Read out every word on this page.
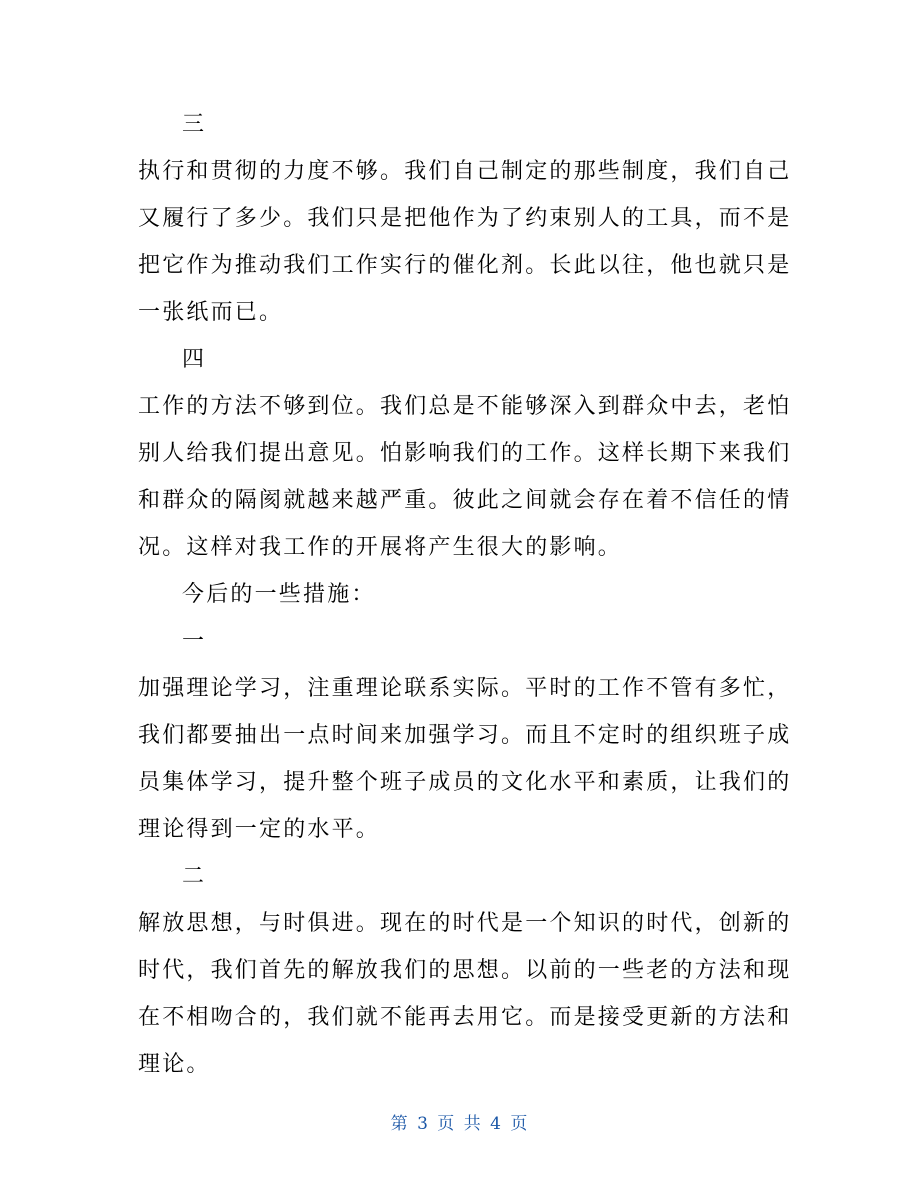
三
执行和贯彻的力度不够。我们自己制定的那些制度，我们自己
又履行了多少。我们只是把他作为了约束别人的工具，而不是
把它作为推动我们工作实行的催化剂。长此以往，他也就只是
一张纸而已。
四
工作的方法不够到位。我们总是不能够深入到群众中去，老怕
别人给我们提出意见。怕影响我们的工作。这样长期下来我们
和群众的隔阂就越来越严重。彼此之间就会存在着不信任的情
况。这样对我工作的开展将产生很大的影响。
今后的一些措施：
一
加强理论学习，注重理论联系实际。平时的工作不管有多忙，
我们都要抽出一点时间来加强学习。而且不定时的组织班子成
员集体学习，提升整个班子成员的文化水平和素质，让我们的
理论得到一定的水平。
二
解放思想，与时俱进。现在的时代是一个知识的时代，创新的
时代，我们首先的解放我们的思想。以前的一些老的方法和现
在不相吻合的，我们就不能再去用它。而是接受更新的方法和
理论。
第 3 页 共 4 页
